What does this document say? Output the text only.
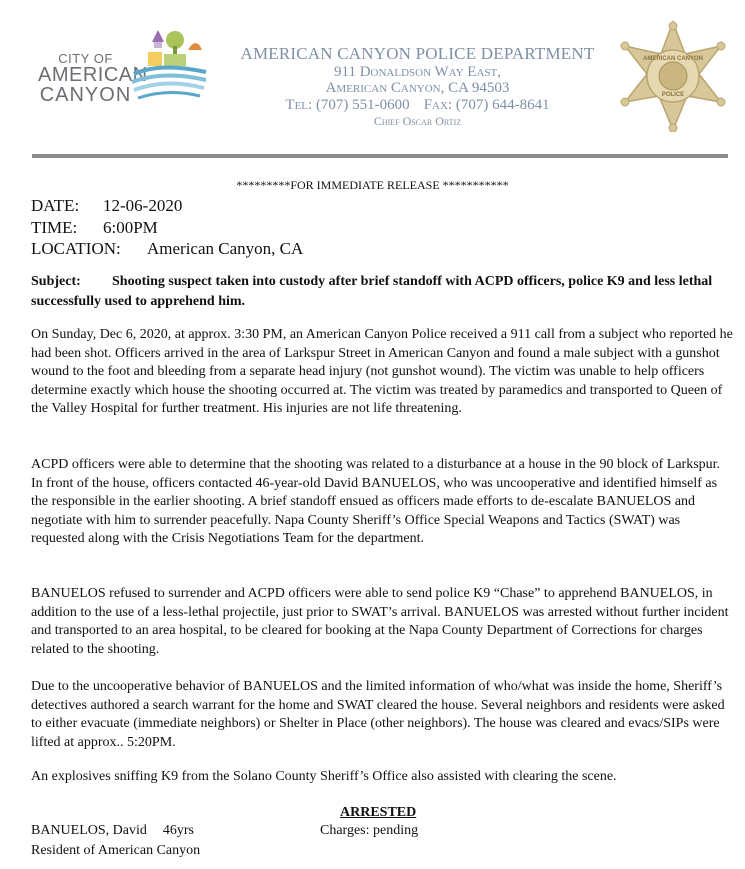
CITY OF
AMERICAN
CANYON
AMERICAN CANYON POLICE DEPARTMENT
911 Donaldson Way East,
American Canyon, CA 94503
Tel: (707) 551-0600 Fax: (707) 644-8641
Chief Oscar Ortiz
AMERICAN CANYON
POLICE
*********FOR IMMEDIATE RELEASE ***********
DATE: 12-06-2020
TIME: 6:00PM
LOCATION: American Canyon, CA
Subject: Shooting suspect taken into custody after brief standoff with ACPD officers, police K9 and less lethal successfully used to apprehend him.

On Sunday, Dec 6, 2020, at approx. 3:30 PM, an American Canyon Police received a 911 call from a subject who reported he had been shot. Officers arrived in the area of Larkspur Street in American Canyon and found a male subject with a gunshot wound to the foot and bleeding from a separate head injury (not gunshot wound). The victim was unable to help officers determine exactly which house the shooting occurred at. The victim was treated by paramedics and transported to Queen of the Valley Hospital for further treatment. His injuries are not life threatening.

ACPD officers were able to determine that the shooting was related to a disturbance at a house in the 90 block of Larkspur. In front of the house, officers contacted 46-year-old David BANUELOS, who was uncooperative and identified himself as the responsible in the earlier shooting. A brief standoff ensued as officers made efforts to de-escalate BANUELOS and negotiate with him to surrender peacefully. Napa County Sheriff’s Office Special Weapons and Tactics (SWAT) was requested along with the Crisis Negotiations Team for the department.

BANUELOS refused to surrender and ACPD officers were able to send police K9 “Chase” to apprehend BANUELOS, in addition to the use of a less-lethal projectile, just prior to SWAT’s arrival. BANUELOS was arrested without further incident and transported to an area hospital, to be cleared for booking at the Napa County Department of Corrections for charges related to the shooting.

Due to the uncooperative behavior of BANUELOS and the limited information of who/what was inside the home, Sheriff’s detectives authored a search warrant for the home and SWAT cleared the house. Several neighbors and residents were asked to either evacuate (immediate neighbors) or Shelter in Place (other neighbors). The house was cleared and evacs/SIPs were lifted at approx.. 5:20PM.

An explosives sniffing K9 from the Solano County Sheriff’s Office also assisted with clearing the scene.

ARRESTED
BANUELOS, David 46yrs	Charges: pending
Resident of American Canyon
